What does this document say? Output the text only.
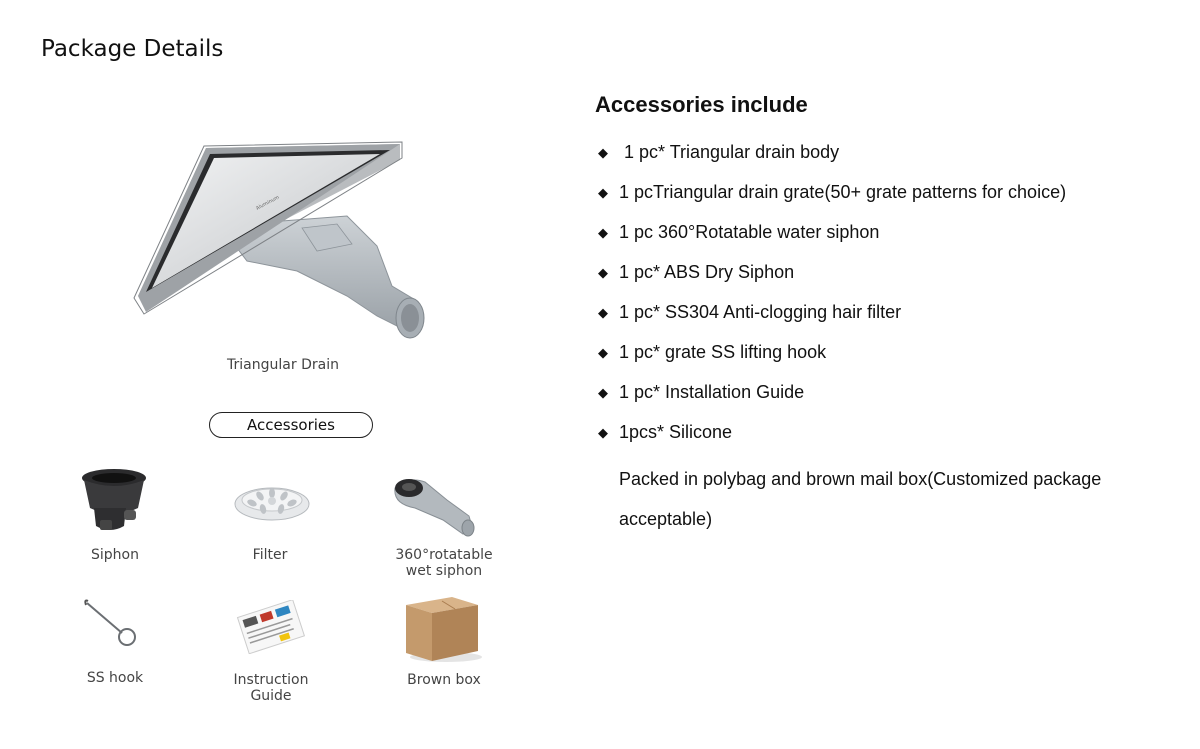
Package Details
Aluminum
Triangular Drain
Accessories
Siphon	Filter	360°rotatable
wet siphon
SS hook	Instruction
Guide
Brown box
Accessories include
◆ 1 pc* Triangular drain body
◆ 1 pcTriangular drain grate(50+ grate patterns for choice)
◆ 1 pc 360°Rotatable water siphon
◆ 1 pc* ABS Dry Siphon
◆ 1 pc* SS304 Anti-clogging hair filter
◆ 1 pc* grate SS lifting hook
◆ 1 pc* Installation Guide
◆ 1pcs* Silicone
Packed in polybag and brown mail box(Customized package acceptable)
